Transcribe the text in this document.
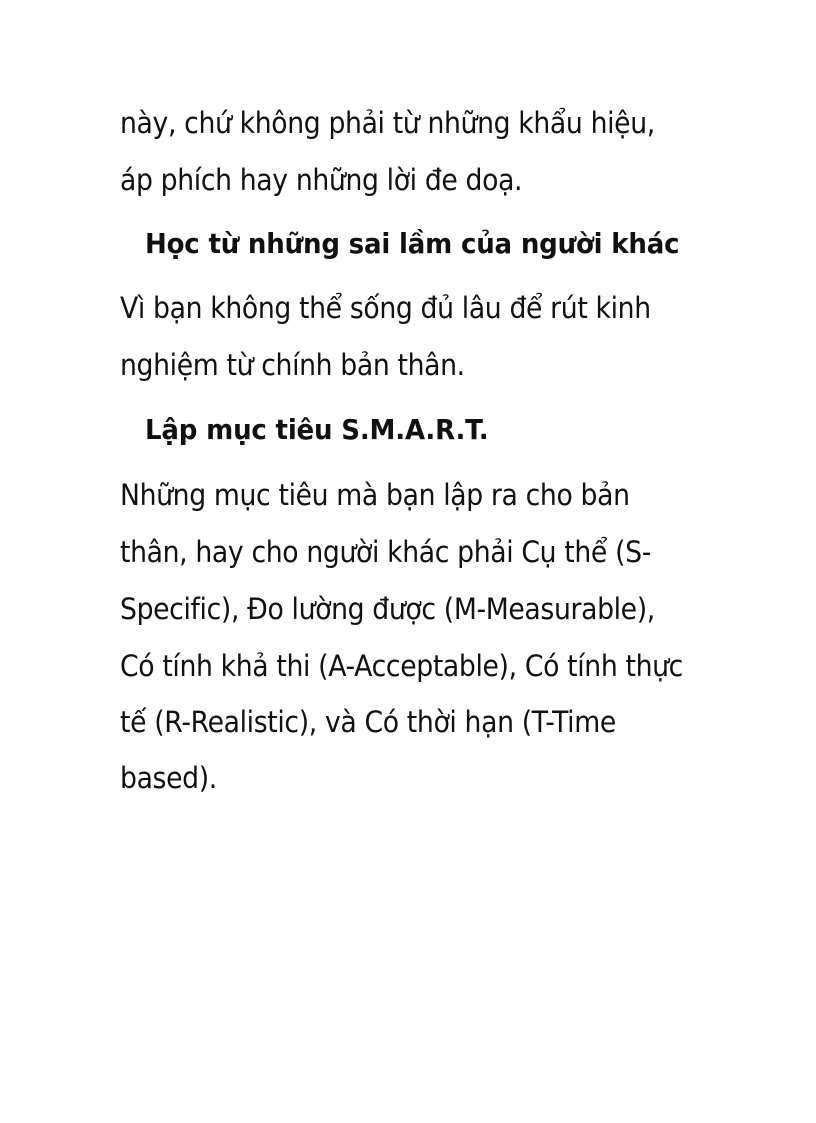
này, chứ không phải từ những khẩu hiệu,
áp phích hay những lời đe doạ.
Học từ những sai lầm của người khác
Vì bạn không thể sống đủ lâu để rút kinh
nghiệm từ chính bản thân.
Lập mục tiêu S.M.A.R.T.
Những mục tiêu mà bạn lập ra cho bản
thân, hay cho người khác phải Cụ thể (S-
Specific), Đo lường được (M-Measurable),
Có tính khả thi (A-Acceptable), Có tính thực
tế (R-Realistic), và Có thời hạn (T-Time
based).
